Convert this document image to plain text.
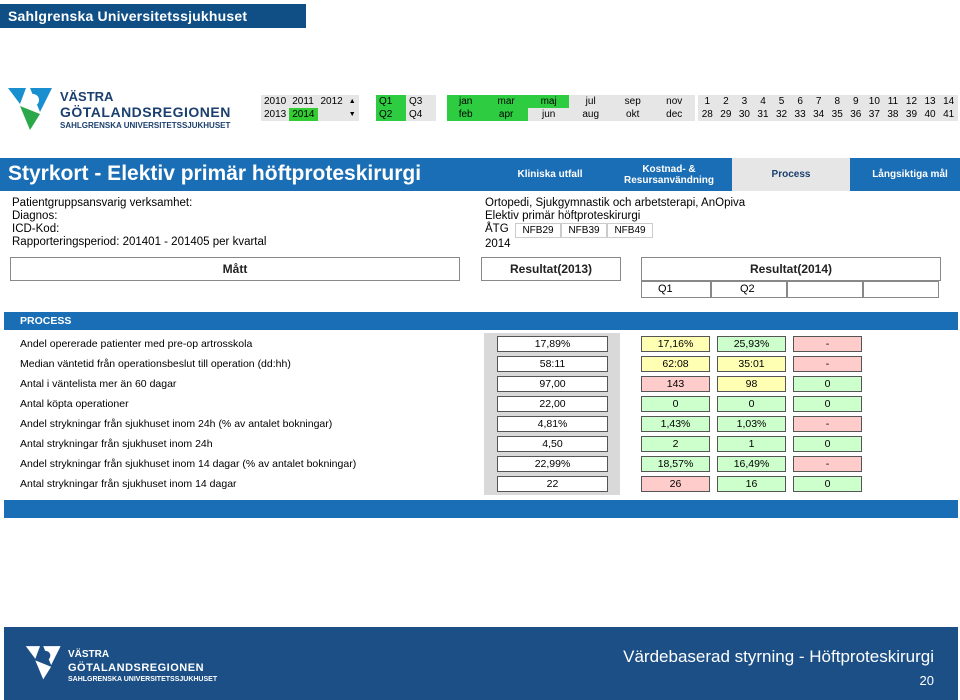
Sahlgrenska Universitetssjukhuset
VÄSTRA
GÖTALANDSREGIONEN
SAHLGRENSKA UNIVERSITETSSJUKHUSET
2010	2011	2012	▲
2013	2014		▼
Q1	Q3
Q2	Q4
jan	mar	maj	jul	sep	nov
feb	apr	jun	aug	okt	dec
1	2	3	4	5	6	7	8	9	10	11	12	13	14
28	29	30	31	32	33	34	35	36	37	38	39	40	41
Kliniska utfall	Kostnad- & Resursanvändning	Process	Långsiktiga mål
Styrkort - Elektiv primär höftproteskirurgi
Patientgruppsansvarig verksamhet:
Diagnos:
ICD-Kod:
Rapporteringsperiod: 201401 - 201405 per kvartal
Ortopedi, Sjukgymnastik och arbetsterapi, AnOpiva
Elektiv primär höftproteskirurgi
ÅTG	NFB29	NFB39	NFB49
2014
Mått	Resultat(2013)	Resultat(2014)
Q1	Q2
PROCESS
Andel opererade patienter med pre-op artrosskola	17,89%	17,16%	25,93%	-
Median väntetid från operationsbeslut till operation (dd:hh)	58:11	62:08	35:01	-
Antal i väntelista mer än 60 dagar	97,00	143	98	0
Antal köpta operationer	22,00	0	0	0
Andel strykningar från sjukhuset inom 24h (% av antalet bokningar)	4,81%	1,43%	1,03%	-
Antal strykningar från sjukhuset inom 24h	4,50	2	1	0
Andel strykningar från sjukhuset inom 14 dagar (% av antalet bokningar)	22,99%	18,57%	16,49%	-
Antal strykningar från sjukhuset inom 14 dagar	22	26	16	0
VÄSTRA
GÖTALANDSREGIONEN
SAHLGRENSKA UNIVERSITETSSJUKHUSET
Värdebaserad styrning - Höftproteskirurgi
20
